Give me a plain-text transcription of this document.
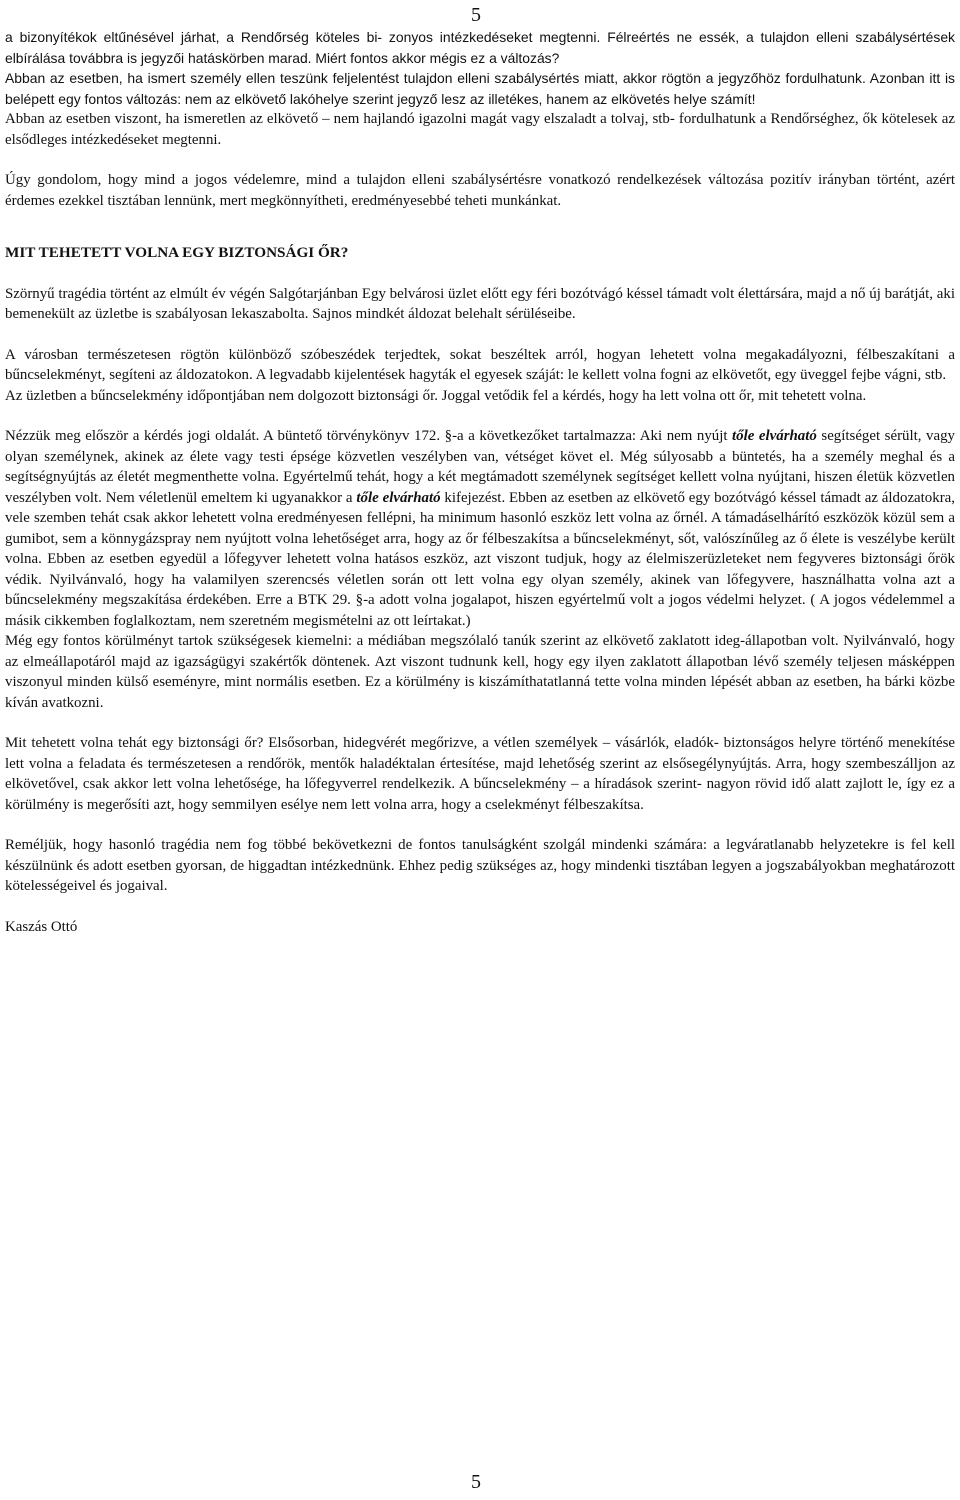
5

a bizonyítékok eltűnésével járhat, a Rendőrség köteles bi- zonyos intézkedéseket megtenni. Félreértés ne essék, a tulajdon elleni szabálysértések elbírálása továbbra is jegyzői hatáskörben marad. Miért fontos akkor mégis ez a változás?

Abban az esetben, ha ismert személy ellen teszünk feljelentést tulajdon elleni szabálysértés miatt, akkor rögtön a jegyzőhöz fordulhatunk. Azonban itt is belépett egy fontos változás: nem az elkövető lakóhelye szerint jegyző lesz az illetékes, hanem az elkövetés helye számít!

Abban az esetben viszont, ha ismeretlen az elkövető – nem hajlandó igazolni magát vagy elszaladt a tolvaj, stb- fordulhatunk a Rendőrséghez, ők kötelesek az elsődleges intézkedéseket megtenni.

Úgy gondolom, hogy mind a jogos védelemre, mind a tulajdon elleni szabálysértésre vonatkozó rendelkezések változása pozitív irányban történt, azért érdemes ezekkel tisztában lennünk, mert megkönnyítheti, eredményesebbé teheti munkánkat.

MIT TEHETETT VOLNA EGY BIZTONSÁGI ŐR?

Szörnyű tragédia történt az elmúlt év végén Salgótarjánban Egy belvárosi üzlet előtt egy féri bozótvágó késsel támadt volt élettársára, majd a nő új barátját, aki bemenekült az üzletbe is szabályosan lekaszabolta. Sajnos mindkét áldozat belehalt sérüléseibe.

A városban természetesen rögtön különböző szóbeszédek terjedtek, sokat beszéltek arról, hogyan lehetett volna megakadályozni, félbeszakítani a bűncselekményt, segíteni az áldozatokon. A legvadabb kijelentések hagyták el egyesek száját: le kellett volna fogni az elkövetőt, egy üveggel fejbe vágni, stb.

Az üzletben a bűncselekmény időpontjában nem dolgozott biztonsági őr. Joggal vetődik fel a kérdés, hogy ha lett volna ott őr, mit tehetett volna.

Nézzük meg először a kérdés jogi oldalát. A büntető törvénykönyv 172. §-a a következőket tartalmazza: Aki nem nyújt tőle elvárható segítséget sérült, vagy olyan személynek, akinek az élete vagy testi épsége közvetlen veszélyben van, vétséget követ el. Még súlyosabb a büntetés, ha a személy meghal és a segítségnyújtás az életét megmenthette volna. Egyértelmű tehát, hogy a két megtámadott személynek segítséget kellett volna nyújtani, hiszen életük közvetlen veszélyben volt. Nem véletlenül emeltem ki ugyanakkor a tőle elvárható kifejezést. Ebben az esetben az elkövető egy bozótvágó késsel támadt az áldozatokra, vele szemben tehát csak akkor lehetett volna eredményesen fellépni, ha minimum hasonló eszköz lett volna az őrnél. A támadáselhárító eszközök közül sem a gumibot, sem a könnygázspray nem nyújtott volna lehetőséget arra, hogy az őr félbeszakítsa a bűncselekményt, sőt, valószínűleg az ő élete is veszélybe került volna. Ebben az esetben egyedül a lőfegyver lehetett volna hatásos eszköz, azt viszont tudjuk, hogy az élelmiszerüzleteket nem fegyveres biztonsági őrök védik. Nyilvánvaló, hogy ha valamilyen szerencsés véletlen során ott lett volna egy olyan személy, akinek van lőfegyvere, használhatta volna azt a bűncselekmény megszakítása érdekében. Erre a BTK 29. §-a adott volna jogalapot, hiszen egyértelmű volt a jogos védelmi helyzet. ( A jogos védelemmel a másik cikkemben foglalkoztam, nem szeretném megismételni az ott leírtakat.)

Még egy fontos körülményt tartok szükségesek kiemelni: a médiában megszólaló tanúk szerint az elkövető zaklatott ideg-állapotban volt. Nyilvánvaló, hogy az elmeállapotáról majd az igazságügyi szakértők döntenek. Azt viszont tudnunk kell, hogy egy ilyen zaklatott állapotban lévő személy teljesen másképpen viszonyul minden külső eseményre, mint normális esetben. Ez a körülmény is kiszámíthatatlanná tette volna minden lépését abban az esetben, ha bárki közbe kíván avatkozni.

Mit tehetett volna tehát egy biztonsági őr? Elsősorban, hidegvérét megőrizve, a vétlen személyek – vásárlók, eladók- biztonságos helyre történő menekítése lett volna a feladata és természetesen a rendőrök, mentők haladéktalan értesítése, majd lehetőség szerint az elsősegélynyújtás. Arra, hogy szembeszálljon az elkövetővel, csak akkor lett volna lehetősége, ha lőfegyverrel rendelkezik. A bűncselekmény – a híradások szerint- nagyon rövid idő alatt zajlott le, így ez a körülmény is megerősíti azt, hogy semmilyen esélye nem lett volna arra, hogy a cselekményt félbeszakítsa.

Reméljük, hogy hasonló tragédia nem fog többé bekövetkezni de fontos tanulságként szolgál mindenki számára: a legváratlanabb helyzetekre is fel kell készülnünk és adott esetben gyorsan, de higgadtan intézkednünk. Ehhez pedig szükséges az, hogy mindenki tisztában legyen a jogszabályokban meghatározott kötelességeivel és jogaival.

Kaszás Ottó

5
